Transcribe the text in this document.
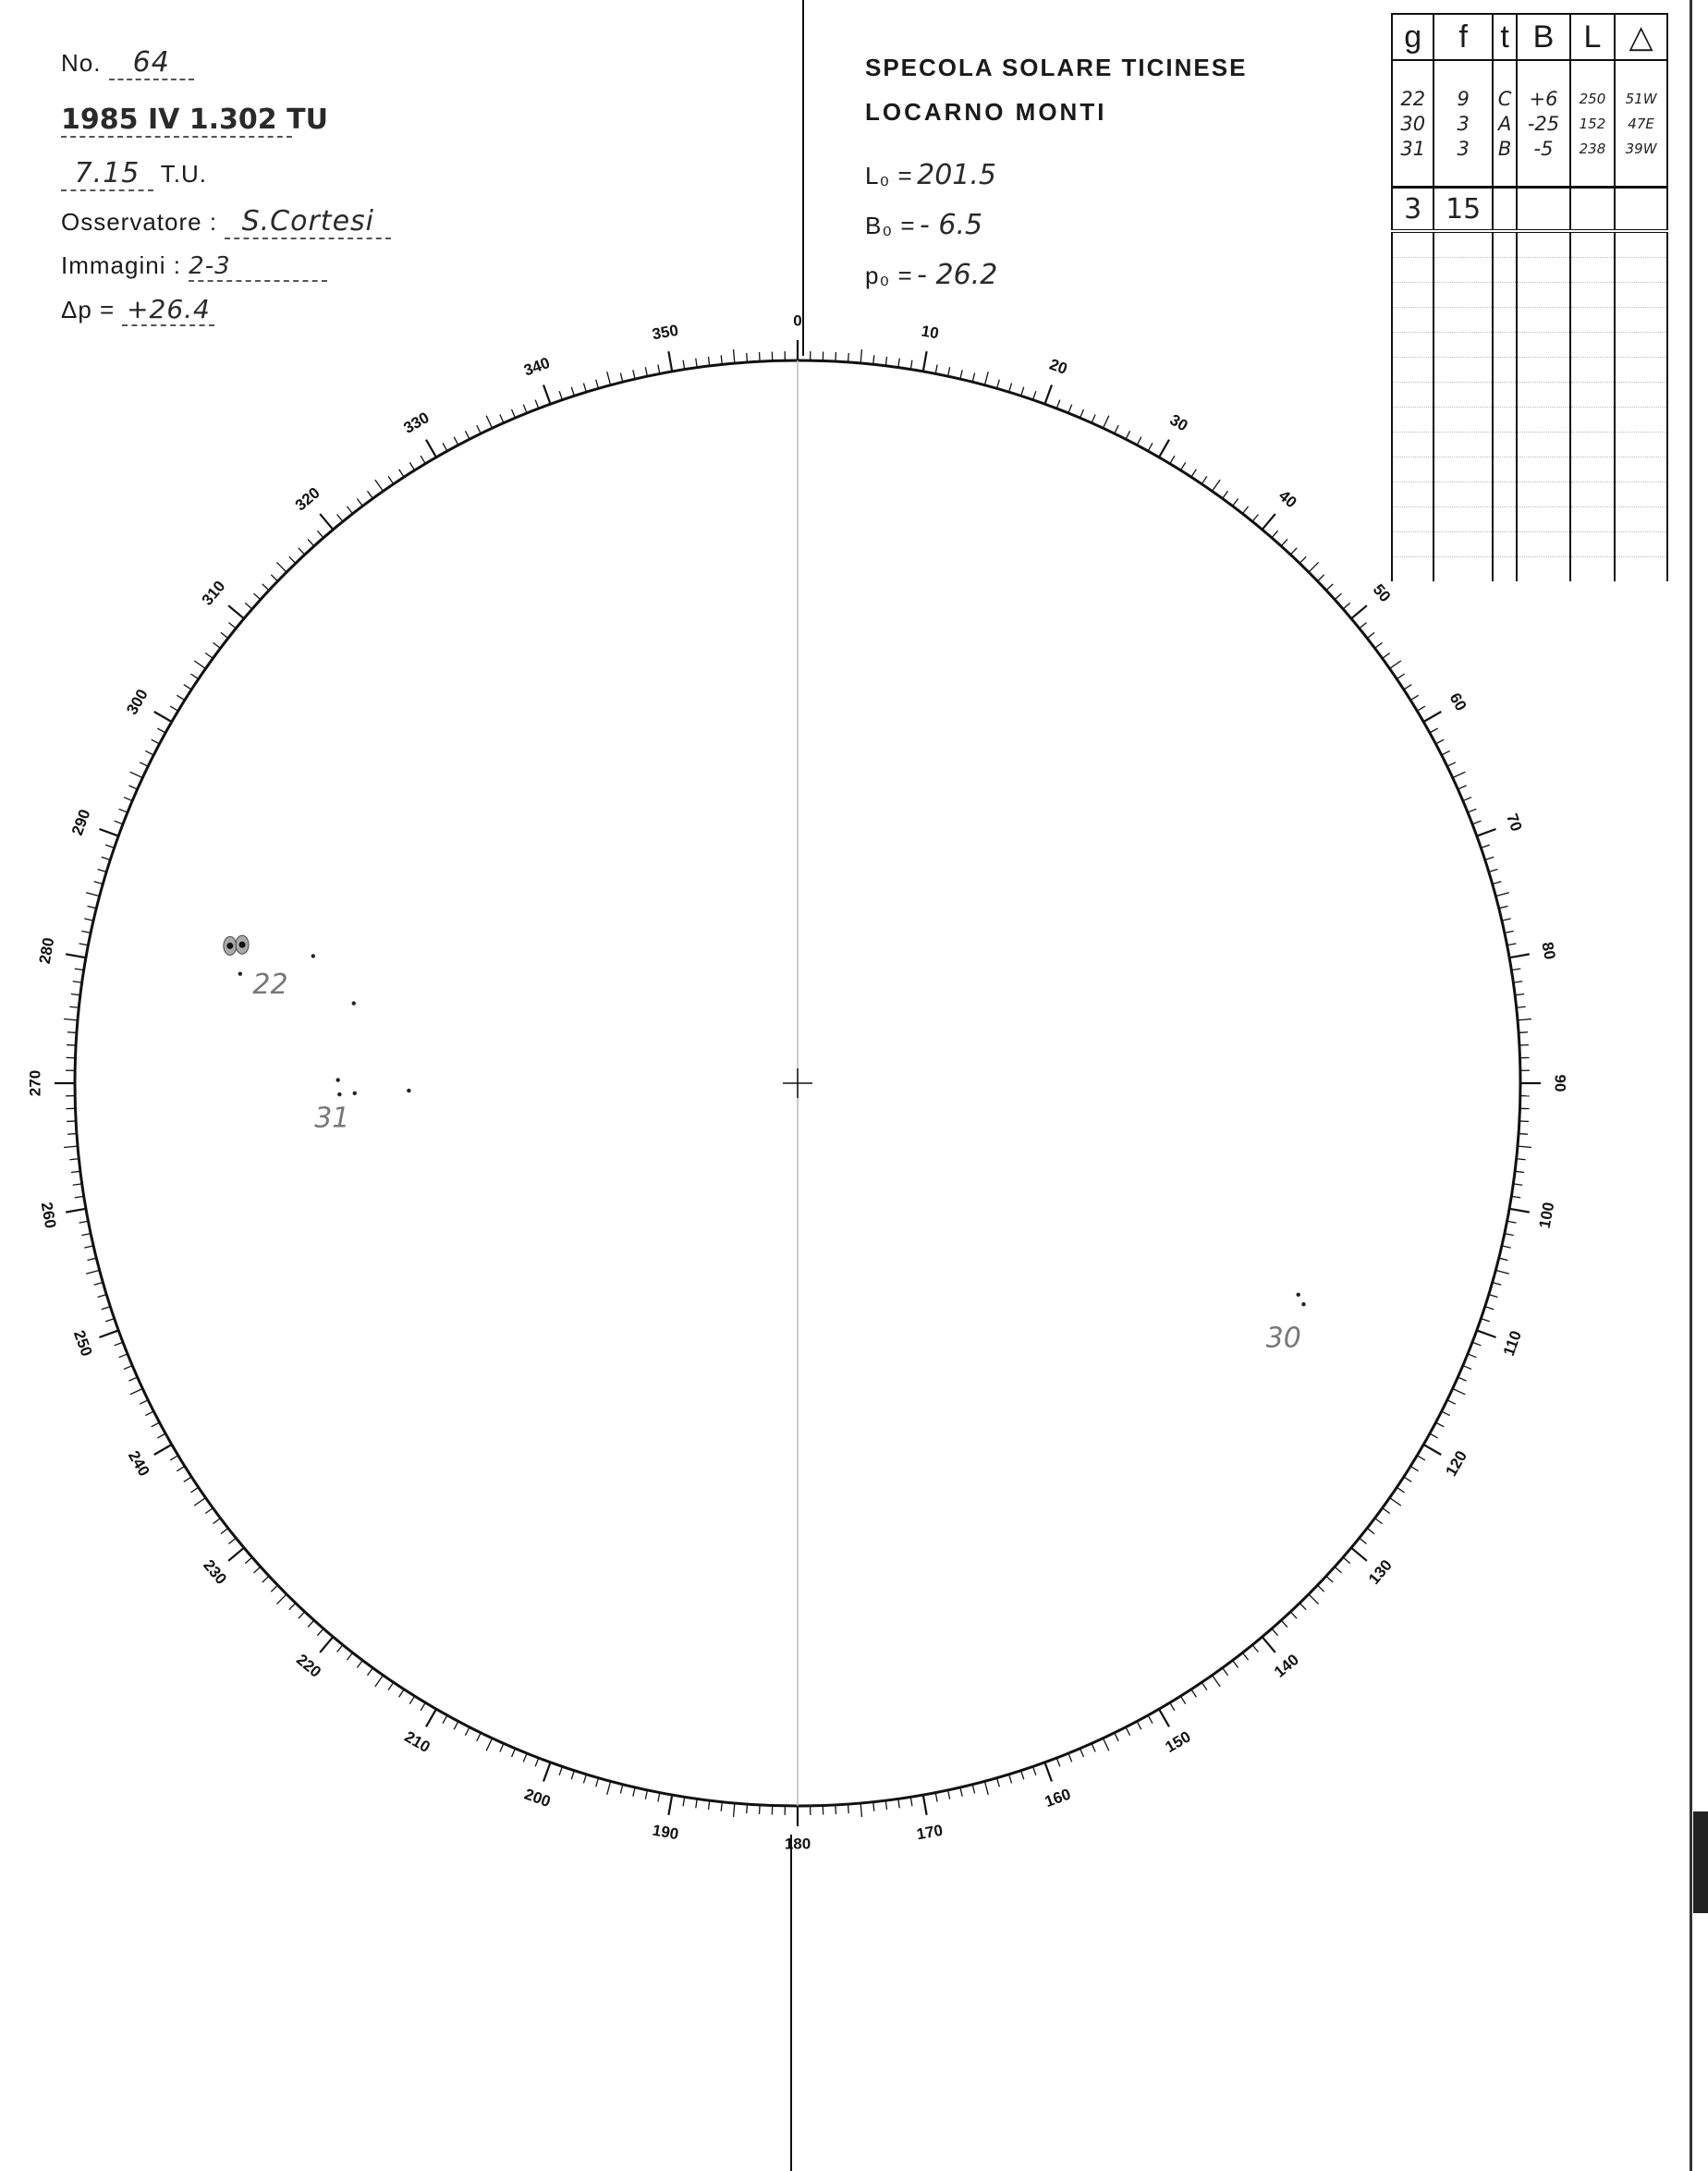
No. 64
1985 IV 1.302 TU
7.15 T.U.
Osservatore : S.Cortesi
Immagini : 2-3
Δp = +26.4
SPECOLA SOLARE TICINESE
LOCARNO MONTI
L₀ = 201.5
B₀ = - 6.5
p₀ = - 26.2
g	f	t	B	L	△

22	9	C	+6	250	51W
30	3	A	-25	152	47E
31	3	B	-5	238	39W

3	15				

0
10
20
30
40
50
60
70
80
90
100
110
120
130
140
150
160
170
180
190
200
210
220
230
240
250
260
270
280
290
300
310
320
330
340
350
22
31
30
